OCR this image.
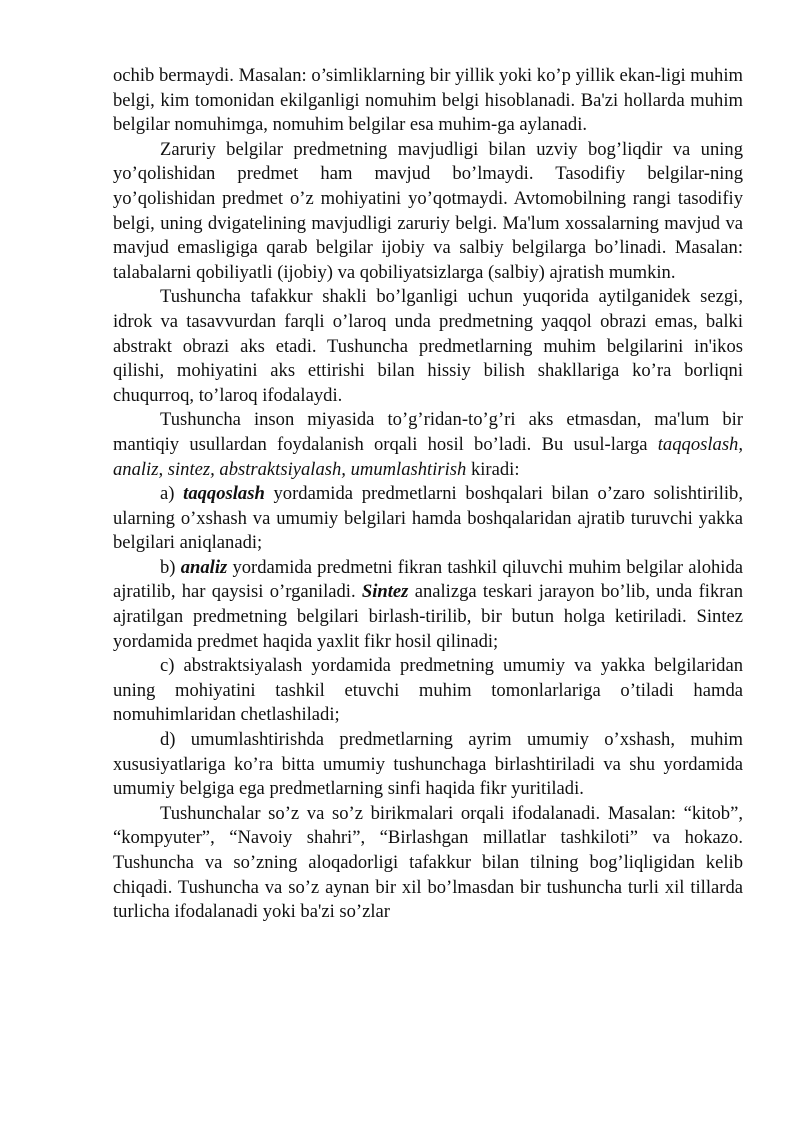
ochib bermaydi. Masalan: o’simliklarning bir yillik yoki ko’p yillik ekan-ligi muhim belgi, kim tomonidan ekilganligi nomuhim belgi hisoblanadi. Ba'zi hollarda muhim belgilar nomuhimga, nomuhim belgilar esa muhim-ga aylanadi.

Zaruriy belgilar predmetning mavjudligi bilan uzviy bog’liqdir va uning yo’qolishidan predmet ham mavjud bo’lmaydi. Tasodifiy belgilar-ning yo’qolishidan predmet o’z mohiyatini yo’qotmaydi. Avtomobilning rangi tasodifiy belgi, uning dvigatelining mavjudligi zaruriy belgi. Ma'lum xossalarning mavjud va mavjud emasligiga qarab belgilar ijobiy va salbiy belgilarga bo’linadi. Masalan: talabalarni qobiliyatli (ijobiy) va qobiliyatsizlarga (salbiy) ajratish mumkin.

Tushuncha tafakkur shakli bo’lganligi uchun yuqorida aytilganidek sezgi, idrok va tasavvurdan farqli o’laroq unda predmetning yaqqol obrazi emas, balki abstrakt obrazi aks etadi. Tushuncha predmetlarning muhim belgilarini in'ikos qilishi, mohiyatini aks ettirishi bilan hissiy bilish shakllariga ko’ra borliqni chuqurroq, to’laroq ifodalaydi.

Tushuncha inson miyasida to’g’ridan-to’g’ri aks etmasdan, ma'lum bir mantiqiy usullardan foydalanish orqali hosil bo’ladi. Bu usul-larga taqqoslash, analiz, sintez, abstraktsiyalash, umumlashtirish kiradi:

a) taqqoslash yordamida predmetlarni boshqalari bilan o’zaro solishtirilib, ularning o’xshash va umumiy belgilari hamda boshqalaridan ajratib turuvchi yakka belgilari aniqlanadi;

b) analiz yordamida predmetni fikran tashkil qiluvchi muhim belgilar alohida ajratilib, har qaysisi o’rganiladi. Sintez analizga teskari jarayon bo’lib, unda fikran ajratilgan predmetning belgilari birlash-tirilib, bir butun holga ketiriladi. Sintez yordamida predmet haqida yaxlit fikr hosil qilinadi;

c) abstraktsiyalash yordamida predmetning umumiy va yakka belgilaridan uning mohiyatini tashkil etuvchi muhim tomonlarlariga o’tiladi hamda nomuhimlaridan chetlashiladi;

d) umumlashtirishda predmetlarning ayrim umumiy o’xshash, muhim xususiyatlariga ko’ra bitta umumiy tushunchaga birlashtiriladi va shu yordamida umumiy belgiga ega predmetlarning sinfi haqida fikr yuritiladi.

Tushunchalar so’z va so’z birikmalari orqali ifodalanadi. Masalan: “kitob”, “kompyuter”, “Navoiy shahri”, “Birlashgan millatlar tashkiloti” va hokazo. Tushuncha va so’zning aloqadorligi tafakkur bilan tilning bog’liqligidan kelib chiqadi. Tushuncha va so’z aynan bir xil bo’lmasdan bir tushuncha turli xil tillarda turlicha ifodalanadi yoki ba'zi so’zlar
